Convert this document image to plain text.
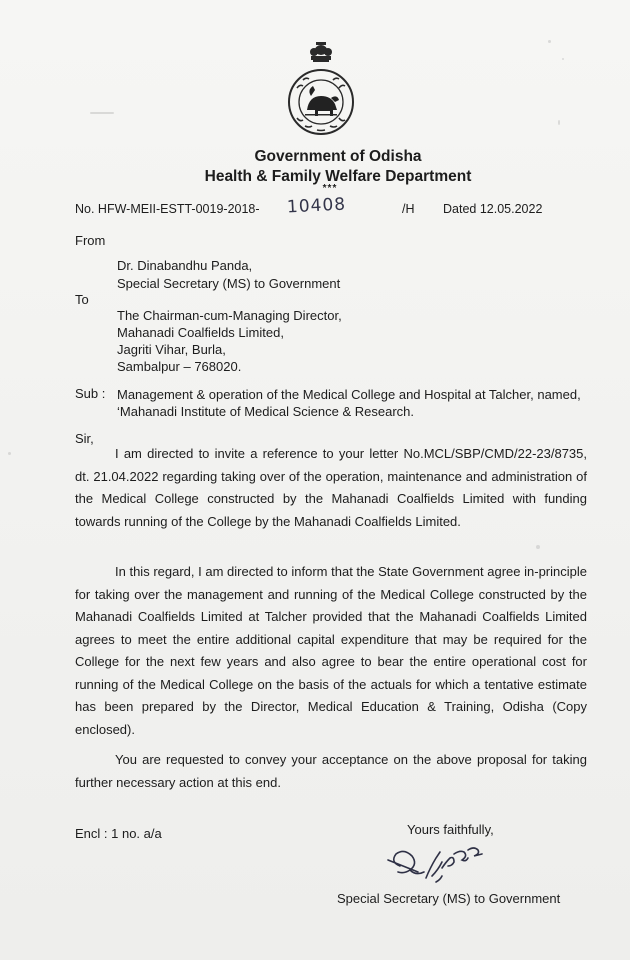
Government of Odisha
Health & Family Welfare Department
***
No. HFW-MEII-ESTT-0019-2018- 10408	/H Dated 12.05.2022
From
Dr. Dinabandhu Panda,
Special Secretary (MS) to Government
To
The Chairman-cum-Managing Director,
Mahanadi Coalfields Limited,
Jagriti Vihar, Burla,
Sambalpur – 768020.
Sub : Management & operation of the Medical College and Hospital at Talcher, named, ‘Mahanadi Institute of Medical Science & Research.
Sir,
I am directed to invite a reference to your letter No.MCL/SBP/CMD/22-23/8735, dt. 21.04.2022 regarding taking over of the operation, maintenance and administration of the Medical College constructed by the Mahanadi Coalfields Limited with funding towards running of the College by the Mahanadi Coalfields Limited.
In this regard, I am directed to inform that the State Government agree in-principle for taking over the management and running of the Medical College constructed by the Mahanadi Coalfields Limited at Talcher provided that the Mahanadi Coalfields Limited agrees to meet the entire additional capital expenditure that may be required for the College for the next few years and also agree to bear the entire operational cost for running of the Medical College on the basis of the actuals for which a tentative estimate has been prepared by the Director, Medical Education & Training, Odisha (Copy enclosed).
You are requested to convey your acceptance on the above proposal for taking further necessary action at this end.
Encl : 1 no. a/a	Yours faithfully,
Special Secretary (MS) to Government
